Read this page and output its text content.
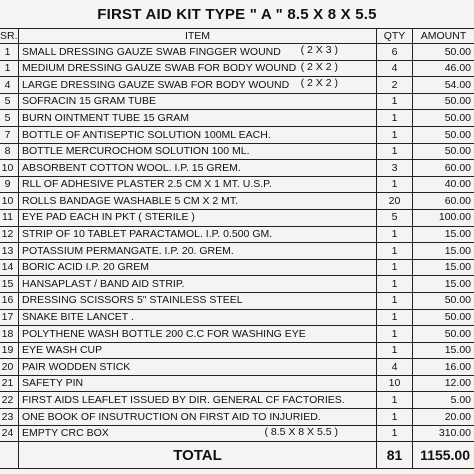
FIRST AID KIT TYPE " A " 8.5 X 8 X 5.5
SR.	ITEM	QTY	AMOUNT
1	SMALL DRESSING GAUZE SWAB FINGGER WOUND ( 2 X 3 )	6	50.00
1	MEDIUM DRESSING GAUZE SWAB FOR BODY WOUND ( 2 X 2 )	4	46.00
4	LARGE DRESSING GAUZE SWAB FOR BODY WOUND ( 2 X 2 )	2	54.00
5	SOFRACIN 15 GRAM TUBE	1	50.00
5	BURN OINTMENT TUBE 15 GRAM	1	50.00
7	BOTTLE OF ANTISEPTIC SOLUTION 100ML EACH.	1	50.00
8	BOTTLE MERCUROCHOM SOLUTION 100 ML.	1	50.00
10	ABSORBENT COTTON WOOL. I.P. 15 GREM.	3	60.00
9	RLL OF ADHESIVE PLASTER 2.5 CM X 1 MT. U.S.P.	1	40.00
10	ROLLS BANDAGE WASHABLE 5 CM X 2 MT.	20	60.00
11	EYE PAD EACH IN PKT ( STERILE )	5	100.00
12	STRIP OF 10 TABLET PARACTAMOL. I.P. 0.500 GM.	1	15.00
13	POTASSIUM PERMANGATE. I.P. 20. GREM.	1	15.00
14	BORIC ACID I.P. 20 GREM	1	15.00
15	HANSAPLAST / BAND AID STRIP.	1	15.00
16	DRESSING SCISSORS 5" STAINLESS STEEL	1	50.00
17	SNAKE BITE LANCET .	1	50.00
18	POLYTHENE WASH BOTTLE 200 C.C FOR WASHING EYE	1	50.00
19	EYE WASH CUP	1	15.00
20	PAIR WODDEN STICK	4	16.00
21	SAFETY PIN	10	12.00
22	FIRST AIDS LEAFLET ISSUED BY DIR. GENERAL CF FACTORIES.	1	5.00
23	ONE BOOK OF INSUTRUCTION ON FIRST AID TO INJURIED.	1	20.00
24	EMPTY CRC BOX ( 8.5 X 8 X 5.5 )	1	310.00
	TOTAL	81	1155.00
